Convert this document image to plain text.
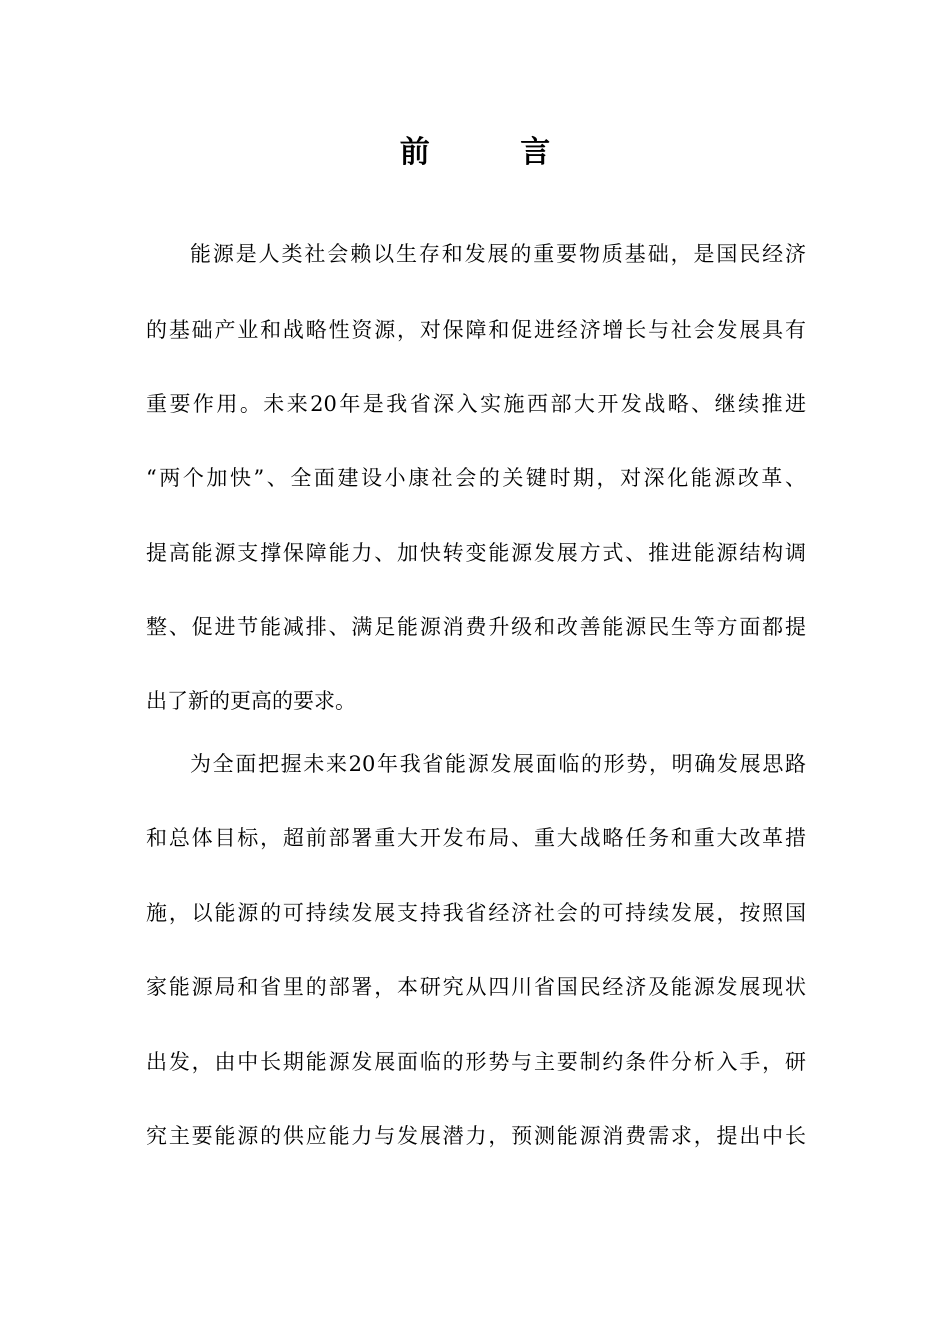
前 言
能源是人类社会赖以生存和发展的重要物质基础，是国民经济
的基础产业和战略性资源，对保障和促进经济增长与社会发展具有
重要作用。未来20年是我省深入实施西部大开发战略、继续推进
“两个加快”、全面建设小康社会的关键时期，对深化能源改革、
提高能源支撑保障能力、加快转变能源发展方式、推进能源结构调
整、促进节能减排、满足能源消费升级和改善能源民生等方面都提
出了新的更高的要求。
为全面把握未来20年我省能源发展面临的形势，明确发展思路
和总体目标，超前部署重大开发布局、重大战略任务和重大改革措
施，以能源的可持续发展支持我省经济社会的可持续发展，按照国
家能源局和省里的部署，本研究从四川省国民经济及能源发展现状
出发，由中长期能源发展面临的形势与主要制约条件分析入手，研
究主要能源的供应能力与发展潜力，预测能源消费需求，提出中长
